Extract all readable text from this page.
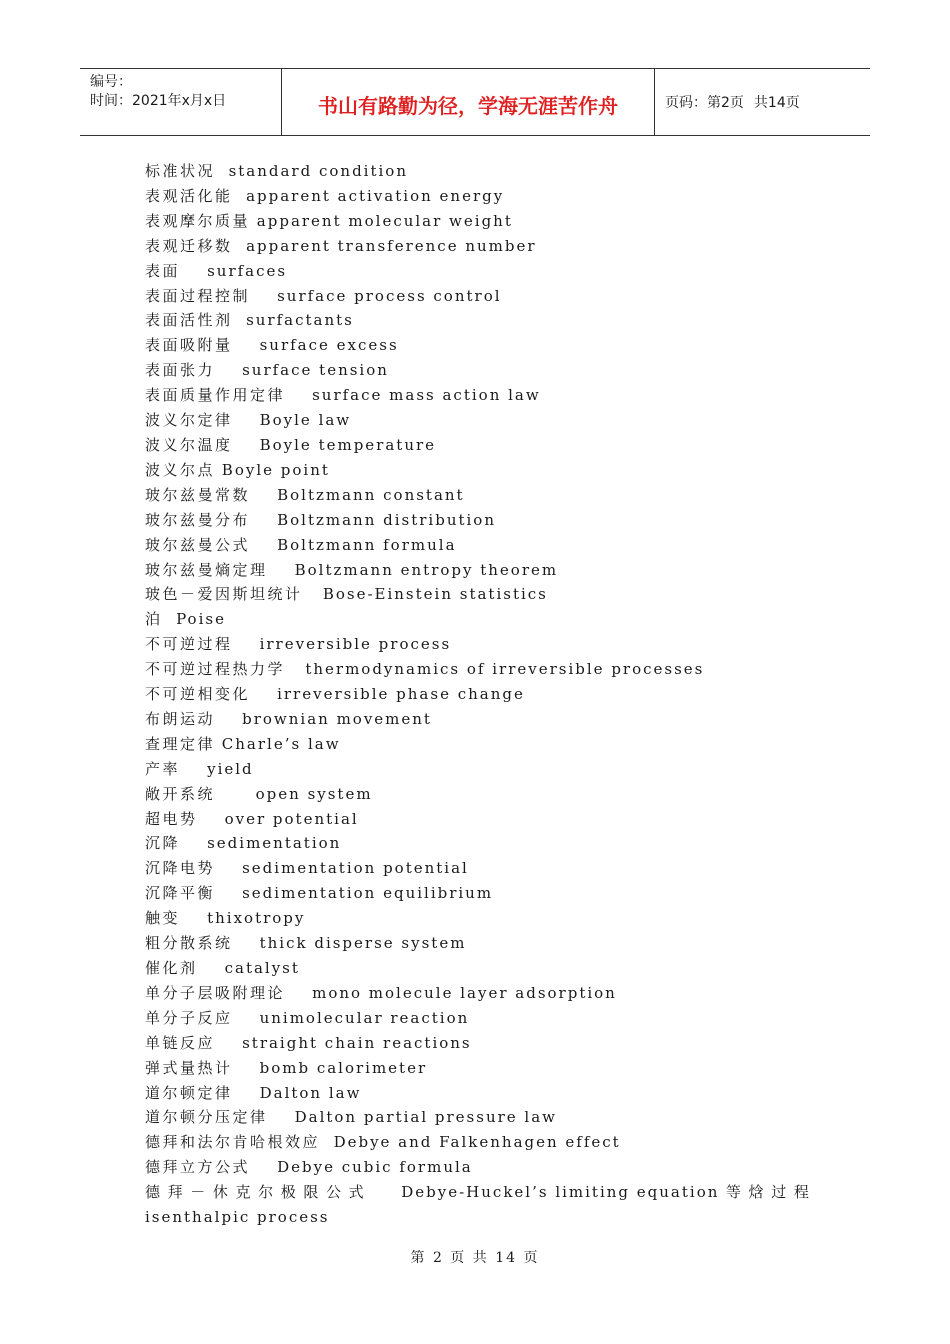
编号：
时间：2021年x月x日	书山有路勤为径，学海无涯苦作舟	页码：第2页 共14页
标准状况 standard condition
表观活化能 apparent activation energy
表观摩尔质量 apparent molecular weight
表观迁移数 apparent transference number
表面 surfaces
表面过程控制 surface process control
表面活性剂 surfactants
表面吸附量 surface excess
表面张力 surface tension
表面质量作用定律 surface mass action law
波义尔定律 Boyle law
波义尔温度 Boyle temperature
波义尔点 Boyle point
玻尔兹曼常数 Boltzmann constant
玻尔兹曼分布 Boltzmann distribution
玻尔兹曼公式 Boltzmann formula
玻尔兹曼熵定理 Boltzmann entropy theorem
玻色－爱因斯坦统计 Bose-Einstein statistics
泊 Poise
不可逆过程 irreversible process
不可逆过程热力学 thermodynamics of irreversible processes
不可逆相变化 irreversible phase change
布朗运动 brownian movement
查理定律 Charle’s law
产率 yield
敞开系统	open system
超电势 over potential
沉降 sedimentation
沉降电势 sedimentation potential
沉降平衡 sedimentation equilibrium
触变 thixotropy
粗分散系统 thick disperse system
催化剂 catalyst
单分子层吸附理论 mono molecule layer adsorption
单分子反应 unimolecular reaction
单链反应 straight chain reactions
弹式量热计 bomb calorimeter
道尔顿定律 Dalton law
道尔顿分压定律 Dalton partial pressure law
德拜和法尔肯哈根效应 Debye and Falkenhagen effect
德拜立方公式 Debye cubic formula
德 拜 － 休 克 尔 极 限 公 式 Debye-Huckel’s limiting equation 等 焓 过 程
isenthalpic process
第 2 页 共 14 页
